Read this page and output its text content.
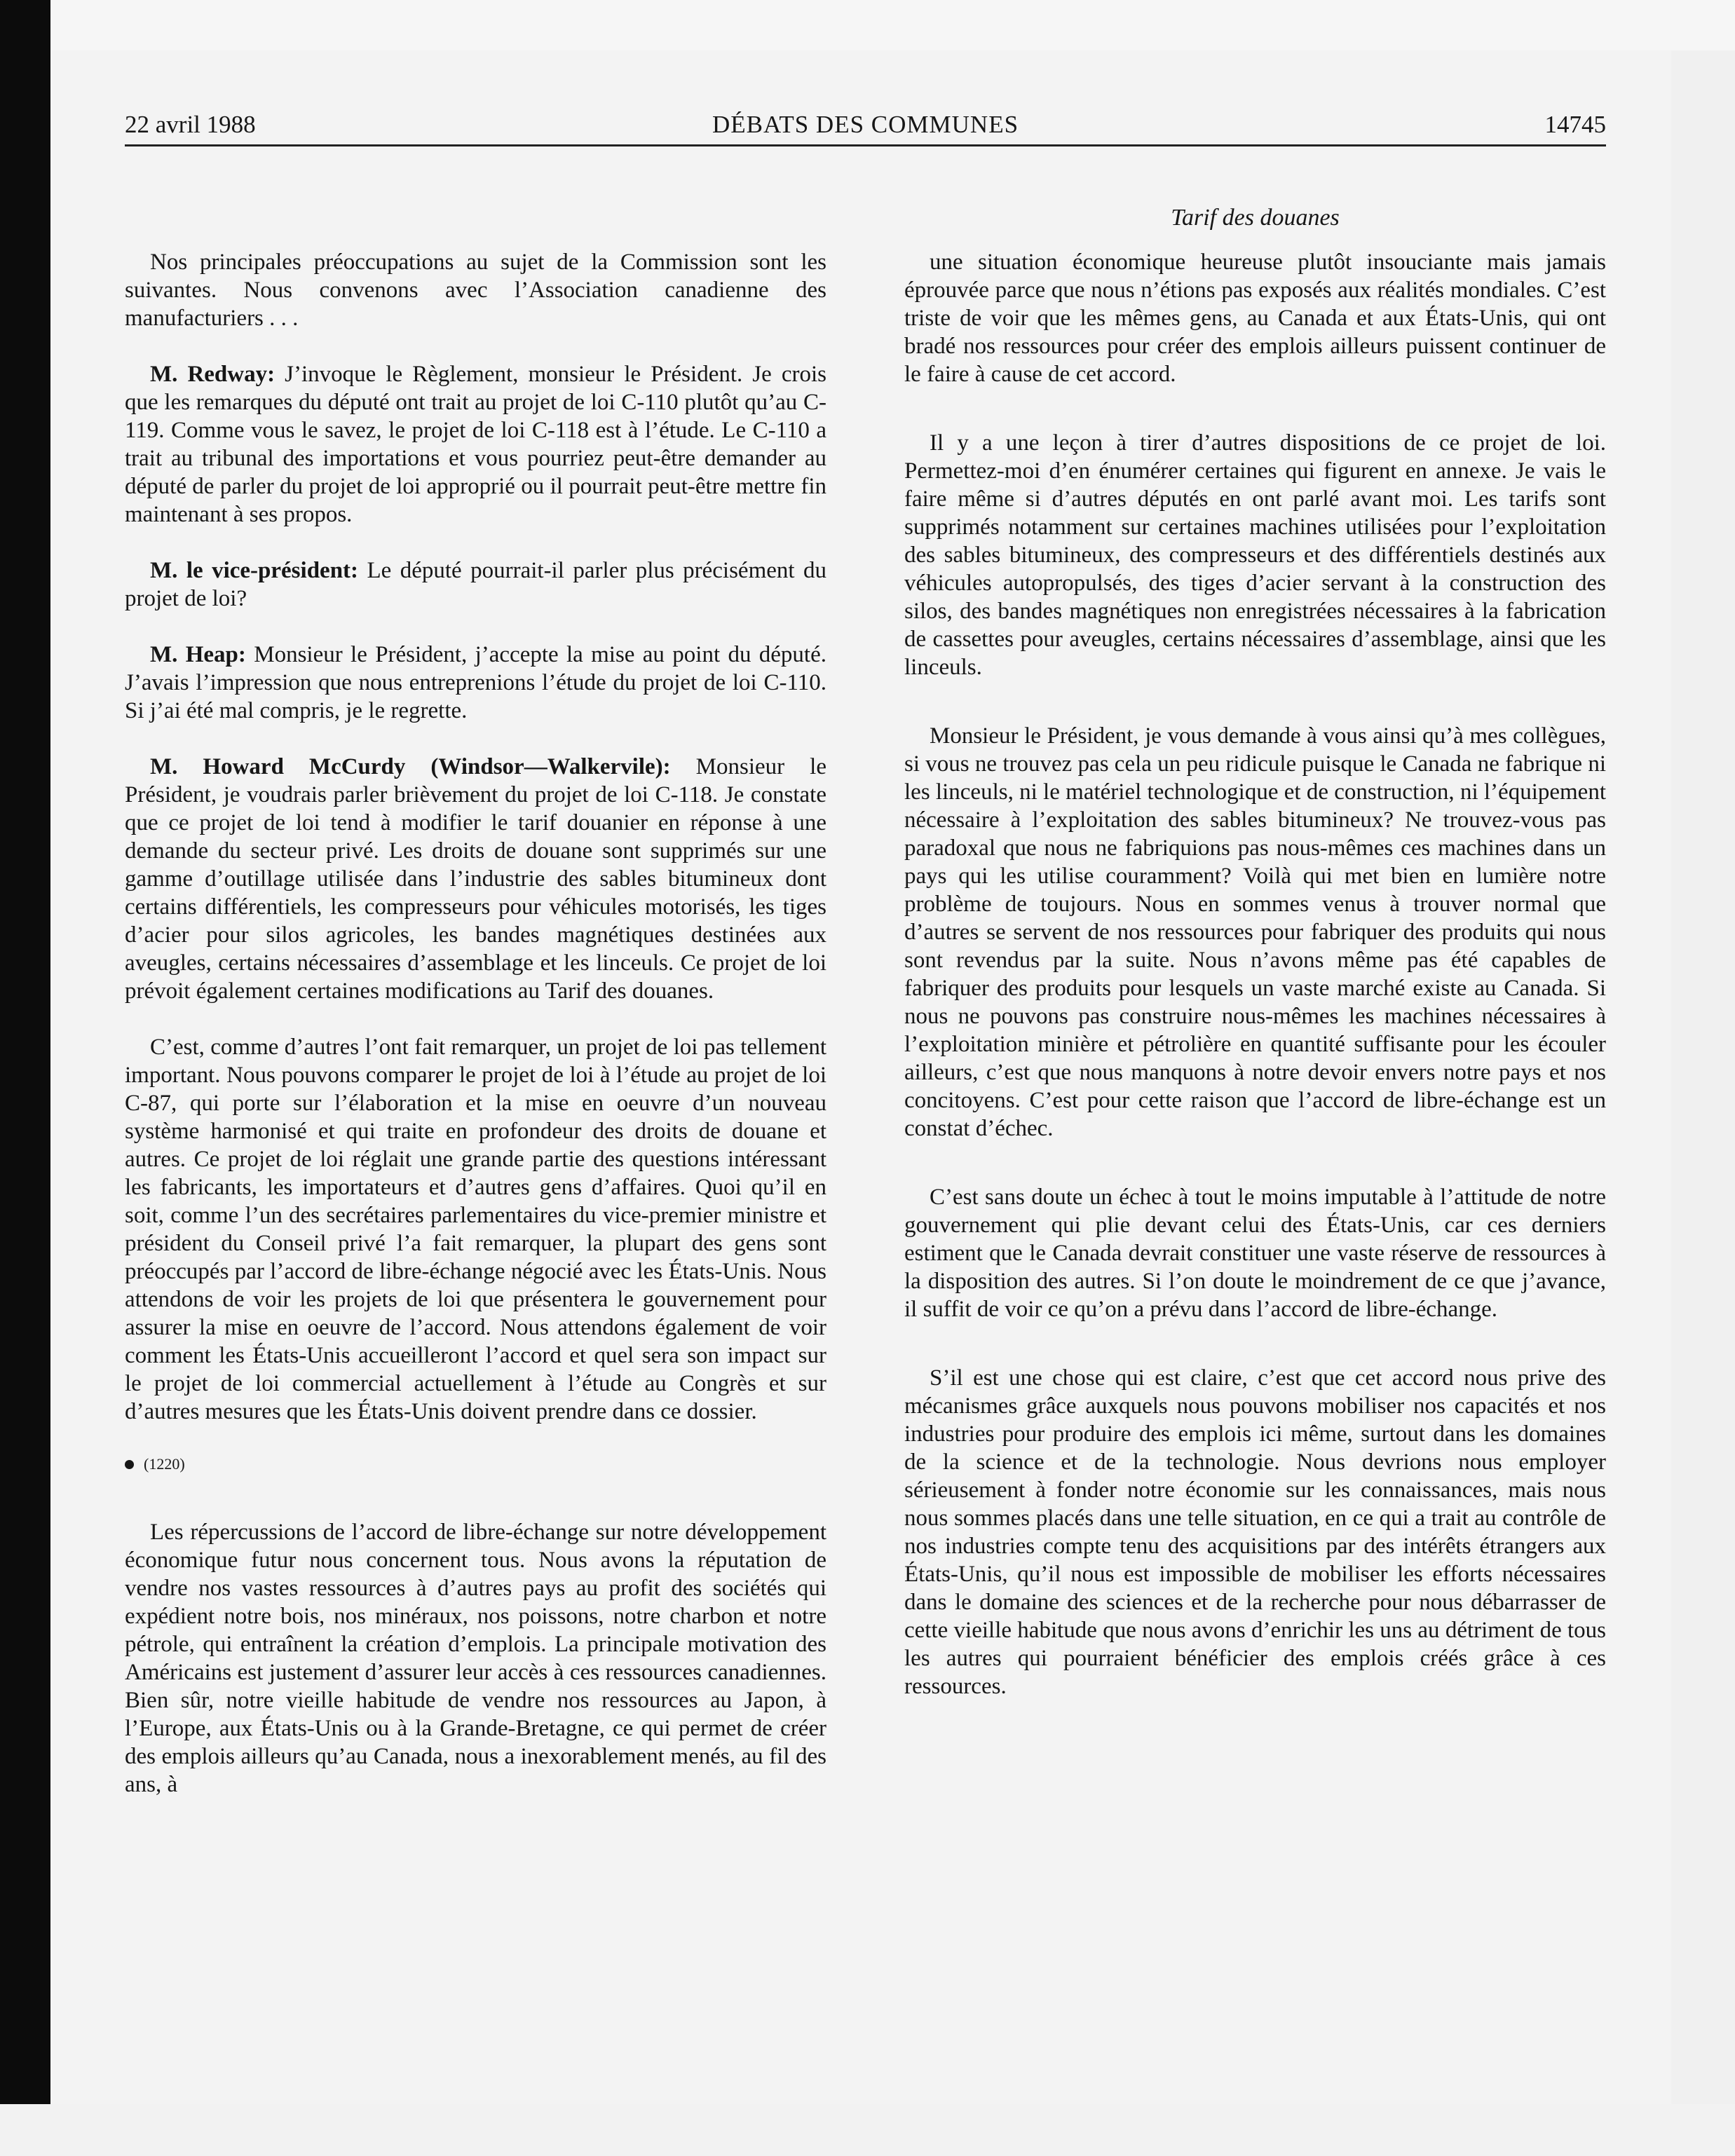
22 avril 1988	DÉBATS DES COMMUNES	14745
Tarif des douanes

Nos principales préoccupations au sujet de la Commission sont les suivantes. Nous convenons avec l’Association canadienne des manufacturiers . . .

M. Redway: J’invoque le Règlement, monsieur le Président. Je crois que les remarques du député ont trait au projet de loi C-110 plutôt qu’au C-119. Comme vous le savez, le projet de loi C-118 est à l’étude. Le C-110 a trait au tribunal des importations et vous pourriez peut-être demander au député de parler du projet de loi approprié ou il pourrait peut-être mettre fin maintenant à ses propos.

M. le vice-président: Le député pourrait-il parler plus précisément du projet de loi?

M. Heap: Monsieur le Président, j’accepte la mise au point du député. J’avais l’impression que nous entreprenions l’étude du projet de loi C-110. Si j’ai été mal compris, je le regrette.

M. Howard McCurdy (Windsor—Walkervile): Monsieur le Président, je voudrais parler brièvement du projet de loi C-118. Je constate que ce projet de loi tend à modifier le tarif douanier en réponse à une demande du secteur privé. Les droits de douane sont supprimés sur une gamme d’outillage utilisée dans l’industrie des sables bitumineux dont certains différentiels, les compresseurs pour véhicules motorisés, les tiges d’acier pour silos agricoles, les bandes magnétiques destinées aux aveugles, certains nécessaires d’assemblage et les linceuls. Ce projet de loi prévoit également certaines modifications au Tarif des douanes.

C’est, comme d’autres l’ont fait remarquer, un projet de loi pas tellement important. Nous pouvons comparer le projet de loi à l’étude au projet de loi C-87, qui porte sur l’élaboration et la mise en oeuvre d’un nouveau système harmonisé et qui traite en profondeur des droits de douane et autres. Ce projet de loi réglait une grande partie des questions intéressant les fabricants, les importateurs et d’autres gens d’affaires. Quoi qu’il en soit, comme l’un des secrétaires parlementaires du vice-premier ministre et président du Conseil privé l’a fait remarquer, la plupart des gens sont préoccupés par l’accord de libre-échange négocié avec les États-Unis. Nous attendons de voir les projets de loi que présentera le gouvernement pour assurer la mise en oeuvre de l’accord. Nous attendons également de voir comment les États-Unis accueilleront l’accord et quel sera son impact sur le projet de loi commercial actuellement à l’étude au Congrès et sur d’autres mesures que les États-Unis doivent prendre dans ce dossier.

(1220)

Les répercussions de l’accord de libre-échange sur notre développement économique futur nous concernent tous. Nous avons la réputation de vendre nos vastes ressources à d’autres pays au profit des sociétés qui expédient notre bois, nos minéraux, nos poissons, notre charbon et notre pétrole, qui entraînent la création d’emplois. La principale motivation des Américains est justement d’assurer leur accès à ces ressources canadiennes. Bien sûr, notre vieille habitude de vendre nos ressources au Japon, à l’Europe, aux États-Unis ou à la Grande-Bretagne, ce qui permet de créer des emplois ailleurs qu’au Canada, nous a inexorablement menés, au fil des ans, à

une situation économique heureuse plutôt insouciante mais jamais éprouvée parce que nous n’étions pas exposés aux réalités mondiales. C’est triste de voir que les mêmes gens, au Canada et aux États-Unis, qui ont bradé nos ressources pour créer des emplois ailleurs puissent continuer de le faire à cause de cet accord.

Il y a une leçon à tirer d’autres dispositions de ce projet de loi. Permettez-moi d’en énumérer certaines qui figurent en annexe. Je vais le faire même si d’autres députés en ont parlé avant moi. Les tarifs sont supprimés notamment sur certaines machines utilisées pour l’exploitation des sables bitumineux, des compresseurs et des différentiels destinés aux véhicules autopropulsés, des tiges d’acier servant à la construction des silos, des bandes magnétiques non enregistrées nécessaires à la fabrication de cassettes pour aveugles, certains nécessaires d’assemblage, ainsi que les linceuls.

Monsieur le Président, je vous demande à vous ainsi qu’à mes collègues, si vous ne trouvez pas cela un peu ridicule puisque le Canada ne fabrique ni les linceuls, ni le matériel technologique et de construction, ni l’équipement nécessaire à l’exploitation des sables bitumineux? Ne trouvez-vous pas paradoxal que nous ne fabriquions pas nous-mêmes ces machines dans un pays qui les utilise couramment? Voilà qui met bien en lumière notre problème de toujours. Nous en sommes venus à trouver normal que d’autres se servent de nos ressources pour fabriquer des produits qui nous sont revendus par la suite. Nous n’avons même pas été capables de fabriquer des produits pour lesquels un vaste marché existe au Canada. Si nous ne pouvons pas construire nous-mêmes les machines nécessaires à l’exploitation minière et pétrolière en quantité suffisante pour les écouler ailleurs, c’est que nous manquons à notre devoir envers notre pays et nos concitoyens. C’est pour cette raison que l’accord de libre-échange est un constat d’échec.

C’est sans doute un échec à tout le moins imputable à l’attitude de notre gouvernement qui plie devant celui des États-Unis, car ces derniers estiment que le Canada devrait constituer une vaste réserve de ressources à la disposition des autres. Si l’on doute le moindrement de ce que j’avance, il suffit de voir ce qu’on a prévu dans l’accord de libre-échange.

S’il est une chose qui est claire, c’est que cet accord nous prive des mécanismes grâce auxquels nous pouvons mobiliser nos capacités et nos industries pour produire des emplois ici même, surtout dans les domaines de la science et de la technologie. Nous devrions nous employer sérieusement à fonder notre économie sur les connaissances, mais nous nous sommes placés dans une telle situation, en ce qui a trait au contrôle de nos industries compte tenu des acquisitions par des intérêts étrangers aux États-Unis, qu’il nous est impossible de mobiliser les efforts nécessaires dans le domaine des sciences et de la recherche pour nous débarrasser de cette vieille habitude que nous avons d’enrichir les uns au détriment de tous les autres qui pourraient bénéficier des emplois créés grâce à ces ressources.
